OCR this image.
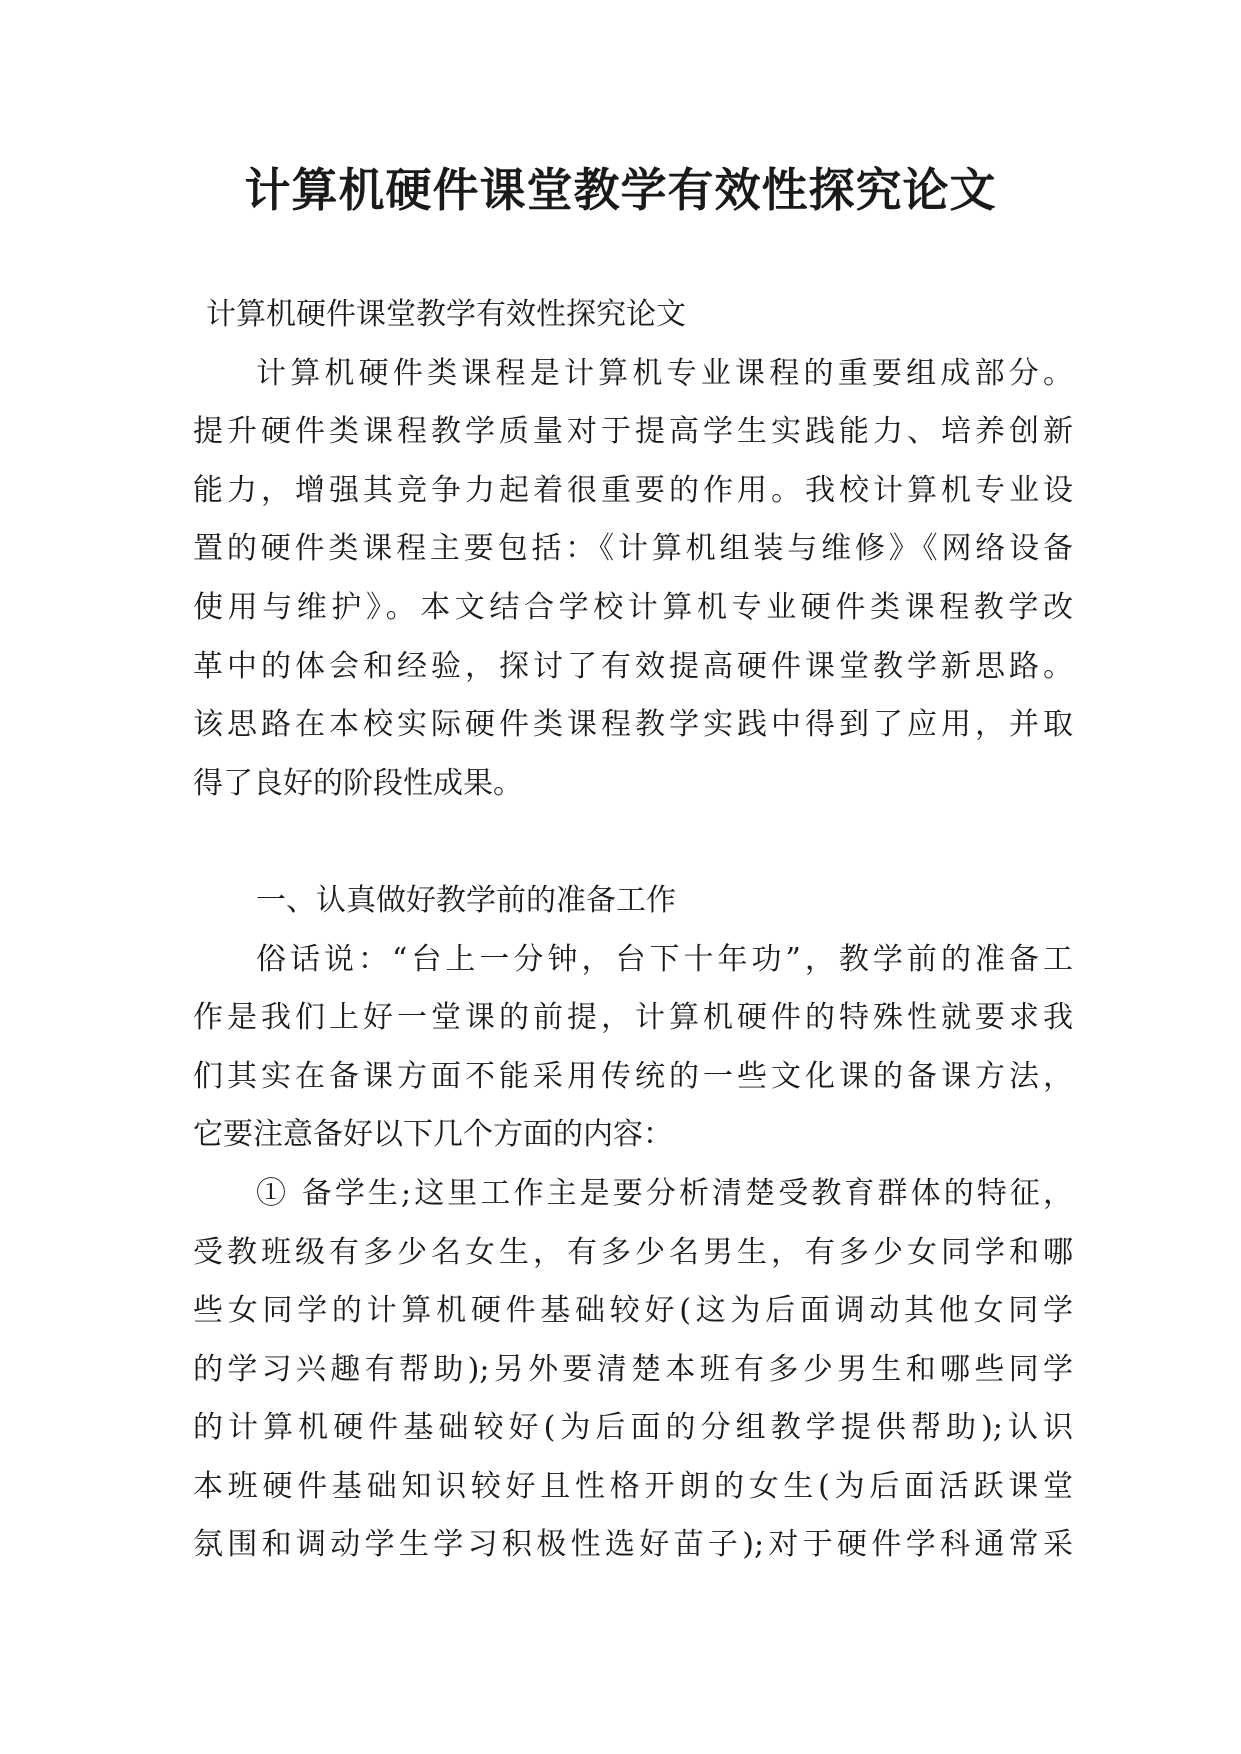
计算机硬件课堂教学有效性探究论文
计算机硬件课堂教学有效性探究论文
计算机硬件类课程是计算机专业课程的重要组成部分。
提升硬件类课程教学质量对于提高学生实践能力、培养创新
能力，增强其竞争力起着很重要的作用。我校计算机专业设
置的硬件类课程主要包括：《计算机组装与维修》《网络设备
使用与维护》。本文结合学校计算机专业硬件类课程教学改
革中的体会和经验，探讨了有效提高硬件课堂教学新思路。
该思路在本校实际硬件类课程教学实践中得到了应用，并取
得了良好的阶段性成果。
一、认真做好教学前的准备工作
俗话说：“台上一分钟，台下十年功”，教学前的准备工
作是我们上好一堂课的前提，计算机硬件的特殊性就要求我
们其实在备课方面不能采用传统的一些文化课的备课方法，
它要注意备好以下几个方面的内容：
① 备学生;这里工作主是要分析清楚受教育群体的特征，
受教班级有多少名女生，有多少名男生，有多少女同学和哪
些女同学的计算机硬件基础较好(这为后面调动其他女同学
的学习兴趣有帮助);另外要清楚本班有多少男生和哪些同学
的计算机硬件基础较好(为后面的分组教学提供帮助);认识
本班硬件基础知识较好且性格开朗的女生(为后面活跃课堂
氛围和调动学生学习积极性选好苗子);对于硬件学科通常采
